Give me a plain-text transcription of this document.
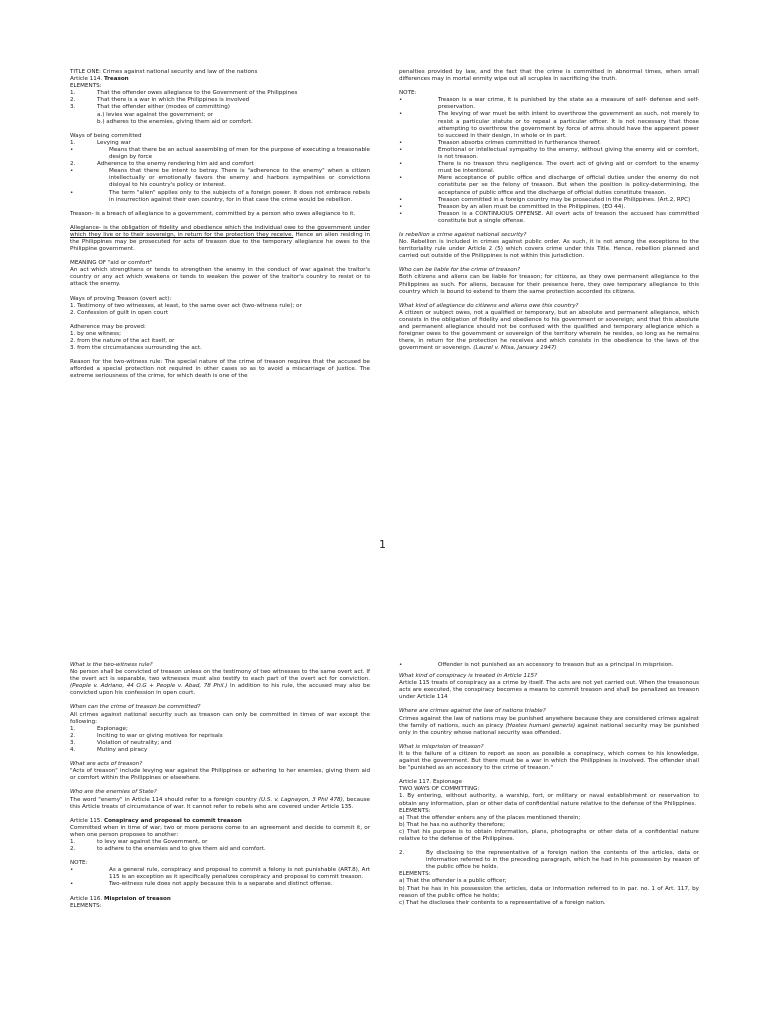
TITLE ONE: Crimes against national security and law of the nations
Article 114. Treason
ELEMENTS:
1.	That the offender owes allegiance to the Government of the Philippines
2.	That there is a war in which the Philippines is involved
3.	That the offender either (modes of committing)
a.) levies war against the government; or
b.) adheres to the enemies, giving them aid or comfort.
Ways of being committed
1.	Levying war
•	Means that there be an actual assembling of men for the purpose of executing a treasonable design by force
2.	Adherence to the enemy rendering him aid and comfort
•	Means that there be intent to betray. There is "adherence to the enemy" when a citizen intellectually or emotionally favors the enemy and harbors sympathies or convictions disloyal to his country's policy or interest.
•	The term "alien" applies only to the subjects of a foreign power. It does not embrace rebels in insurrection against their own country, for in that case the crime would be rebellion.
Treason- is a breach of allegiance to a government, committed by a person who owes allegiance to it.
Allegiance- is the obligation of fidelity and obedience which the individual owe to the government under which they live or to their sovereign, in return for the protection they receive. Hence an alien residing in the Philippines may be prosecuted for acts of treason due to the temporary allegiance he owes to the Philippine government.
MEANING OF "aid or comfort"
An act which strengthens or tends to strengthen the enemy in the conduct of war against the traitor's country or any act which weakens or tends to weaken the power of the traitor's country to resist or to attack the enemy.
Ways of proving Treason (overt act):
1. Testimony of two witnesses, at least, to the same over act (two-witness rule); or
2. Confession of guilt in open court
Adherence may be proved:
1. by one witness;
2. from the nature of the act itself, or
3. from the circumstances surrounding the act.
Reason for the two-witness rule: The special nature of the crime of treason requires that the accused be afforded a special protection not required in other cases so as to avoid a miscarriage of justice. The extreme seriousness of the crime, for which death is one of the
penalties provided by law, and the fact that the crime is committed in abnormal times, when small differences may in mortal enmity wipe out all scruples in sacrificing the truth.
NOTE:
•	Treason is a war crime, it is punished by the state as a measure of self- defense and self-preservation.
•	The levying of war must be with intent to overthrow the government as such, not merely to resist a particular statute or to repeal a particular officer. It is not necessary that those attempting to overthrow the government by force of arms should have the apparent power to succeed in their design, in whole or in part.
•	Treason absorbs crimes committed in furtherance thereof.
•	Emotional or intellectual sympathy to the enemy, without giving the enemy aid or comfort, is not treason.
•	There is no treason thru negligence. The overt act of giving aid or comfort to the enemy must be intentional.
•	Mere acceptance of public office and discharge of official duties under the enemy do not constitute per se the felony of treason. But when the position is policy-determining, the acceptance of public office and the discharge of official duties constitute treason.
•	Treason committed in a foreign country may be prosecuted in the Philippines. (Art.2, RPC)
•	Treason by an alien must be committed in the Philippines. (EO 44).
•	Treason is a CONTINUOUS OFFENSE. All overt acts of treason the accused has committed constitute but a single offense.
Is rebellion a crime against national security?
No. Rebellion is included in crimes against public order. As such, it is not among the exceptions to the territoriality rule under Article 2 (5) which covers crime under this Title. Hence, rebellion planned and carried out outside of the Philippines is not within this jurisdiction.
Who can be liable for the crime of treason?
Both citizens and aliens can be liable for treason; for citizens, as they owe permanent allegiance to the Philippines as such. For aliens, because for their presence here, they owe temporary allegiance to this country which is bound to extend to them the same protection accorded its citizens.
What kind of allegiance do citizens and aliens owe this country?
A citizen or subject owes, not a qualified or temporary, but an absolute and permanent allegiance, which consists in the obligation of fidelity and obedience to his government or sovereign; and that this absolute and permanent allegiance should not be confused with the qualified and temporary allegiance which a foreigner owes to the government or sovereign of the territory wherein he resides, so long as he remains there, in return for the protection he receives and which consists in the obedience to the laws of the government or sovereign. (Laurel v. Misa, January 1947)
1
What is the two-witness rule?
No person shall be convicted of treason unless on the testimony of two witnesses to the same overt act. If the overt act is separable, two witnesses must also testify to each part of the overt act for conviction. (People v. Adriano, 44 O.G + People v. Abad, 78 Phil.) In addition to his rule, the accused may also be convicted upon his confession in open court.
When can the crime of treason be committed?
All crimes against national security such as treason can only be committed in times of war except the following:
1.	Espionage;
2.	Inciting to war or giving motives for reprisals
3.	Violation of neutrality; and
4.	Mutiny and piracy
What are acts of treason?
"Acts of treason" include levying war against the Philippines or adhering to her enemies, giving them aid or comfort within the Philippines or elsewhere.
Who are the enemies of State?
The word "enemy" in Article 114 should refer to a foreign country (U.S. v. Lagnayon, 3 Phil 478), because this Article treats of circumstance of war. It cannot refer to rebels who are covered under Article 135.
Article 115. Conspiracy and proposal to commit treason
Committed when in time of war, two or more persons come to an agreement and decide to commit it, or when one person proposes to another:
1.	to levy war against the Government, or
2.	to adhere to the enemies and to give them aid and comfort.
NOTE:
•	As a general rule, conspiracy and proposal to commit a felony is not punishable (ART.8), Art 115 is an exception as it specifically penalizes conspiracy and proposal to commit treason.
•	Two-witness rule does not apply because this is a separate and distinct offense.
Article 116. Misprision of treason
ELEMENTS:
•	Offender is not punished as an accessory to treason but as a principal in misprision.
What kind of conspiracy is treated in Article 115?
Article 115 treats of conspiracy as a crime by itself. The acts are not yet carried out. When the treasonous acts are executed, the conspiracy becomes a means to commit treason and shall be penalized as treason under Article 114
Where are crimes against the law of nations triable?
Crimes against the law of nations may be punished anywhere because they are considered crimes against the family of nations, such as piracy (Hostes humani generis) against national security may be punished only in the country whose national security was offended.
What is misprision of treason?
It is the failure of a citizen to report as soon as possible a conspiracy, which comes to his knowledge, against the government. But there must be a war in which the Philippines is involved. The offender shall be "punished as an accessory to the crime of treason."
Article 117. Espionage
TWO WAYS OF COMMITTING:
1. By entering, without authority, a warship, fort, or military or naval establishment or reservation to obtain any information, plan or other data of confidential nature relative to the defense of the Philippines.
ELEMENTS:
a) That the offender enters any of the places mentioned therein;
b) That he has no authority therefore;
c) That his purpose is to obtain information, plans, photographs or other data of a confidential nature relative to the defense of the Philippines.
2.	By disclosing to the representative of a foreign nation the contents of the articles, data or information referred to in the preceding paragraph, which he had in his possession by reason of the public office he holds.
ELEMENTS:
a) That the offender is a public officer;
b) That he has in his possession the articles, data or information referred to in par. no. 1 of Art. 117, by reason of the public office he holds;
c) That he discloses their contents to a representative of a foreign nation.
